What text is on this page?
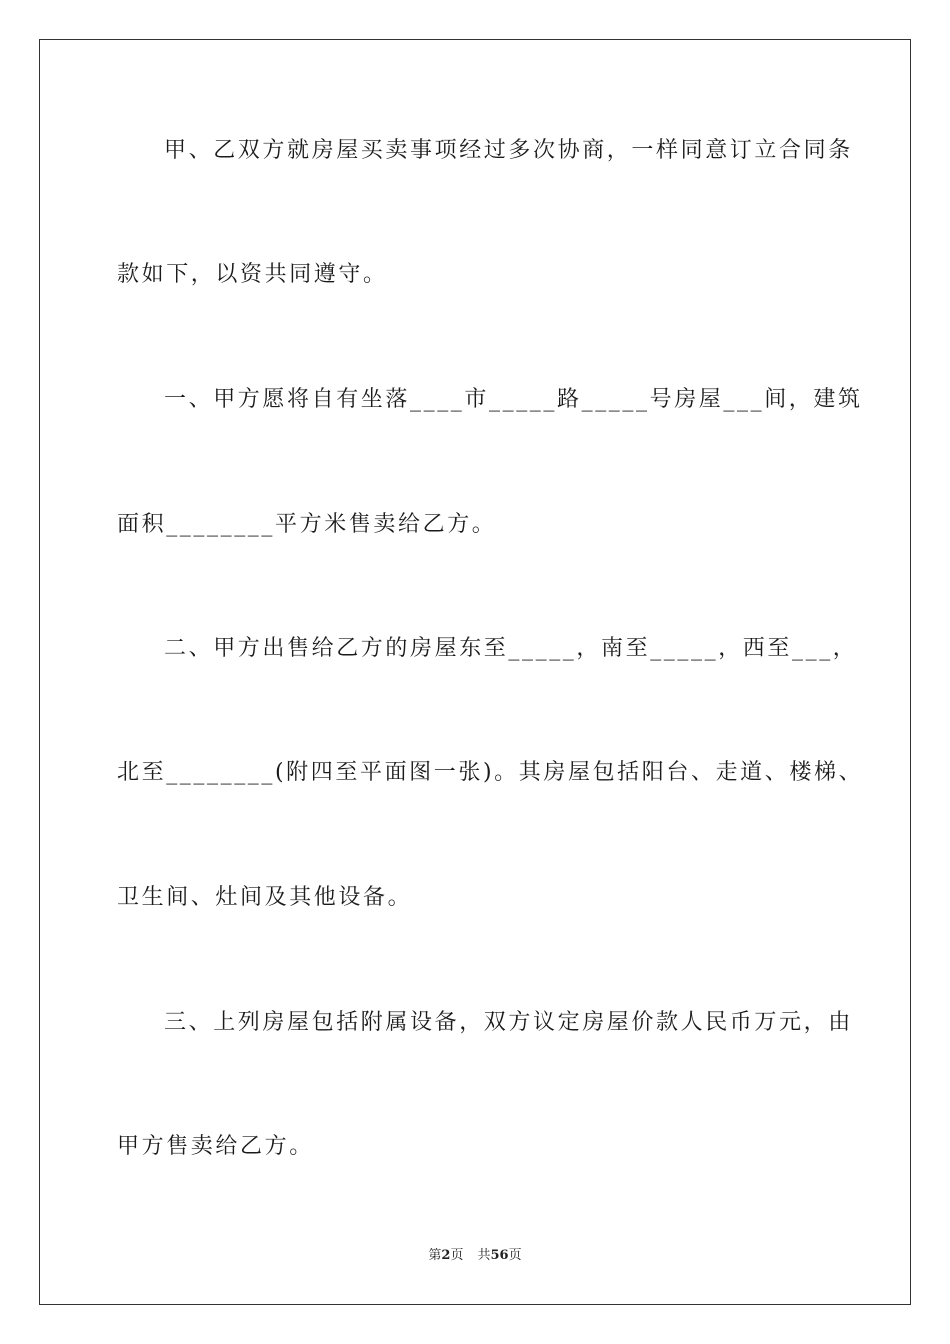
甲、乙双方就房屋买卖事项经过多次协商，一样同意订立合同条
款如下，以资共同遵守。
一、甲方愿将自有坐落____市_____路_____号房屋___间，建筑
面积________平方米售卖给乙方。
二、甲方出售给乙方的房屋东至_____，南至_____，西至___，
北至________(附四至平面图一张)。其房屋包括阳台、走道、楼梯、
卫生间、灶间及其他设备。
三、上列房屋包括附属设备，双方议定房屋价款人民币万元，由
甲方售卖给乙方。
第2页 共56页
